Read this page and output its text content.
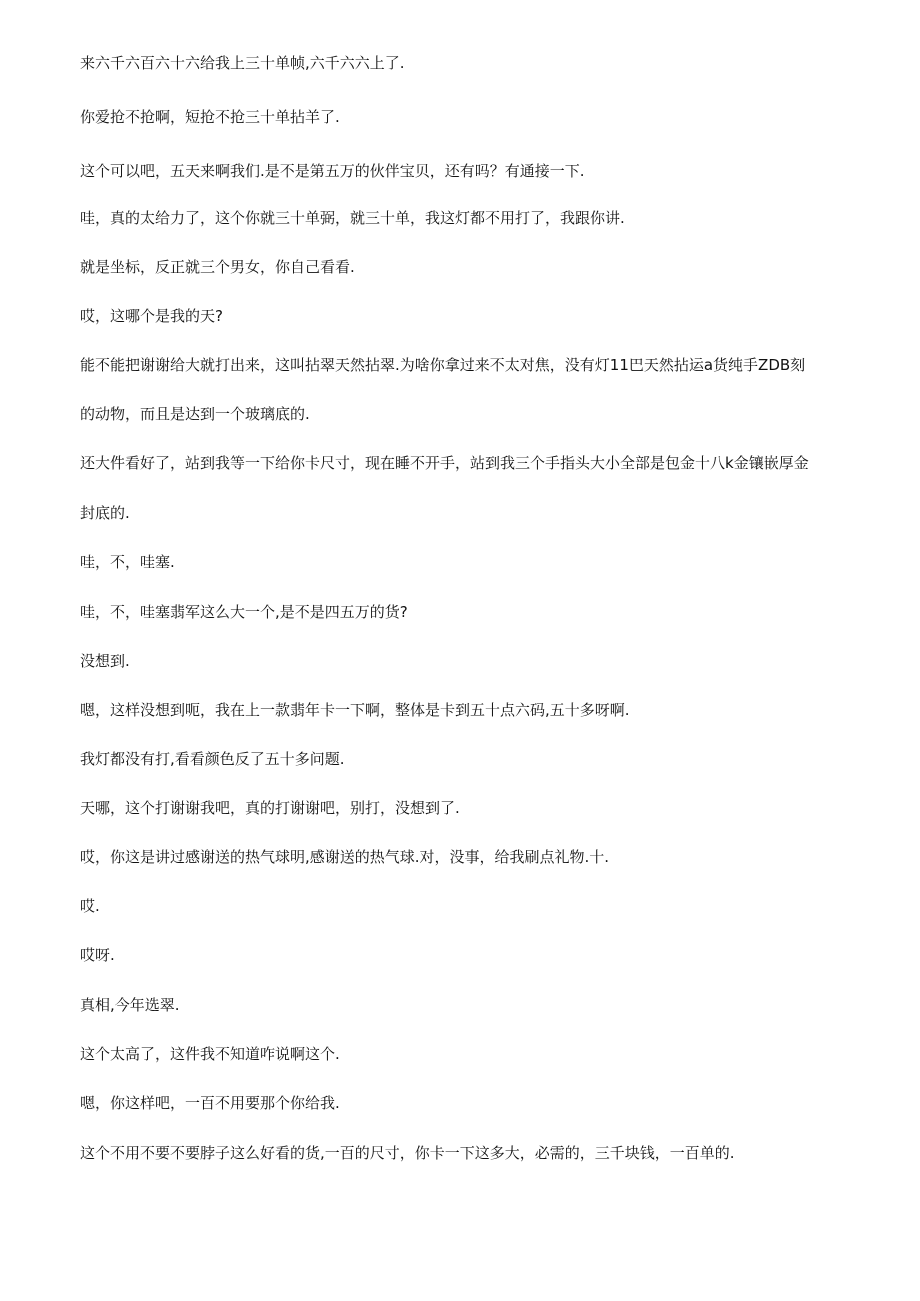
来六千六百六十六给我上三十单帧,六千六六上了.
你爱抢不抢啊，短抢不抢三十单拈羊了.
这个可以吧，五天来啊我们.是不是第五万的伙伴宝贝，还有吗？有通接一下.
哇，真的太给力了，这个你就三十单弼，就三十单，我这灯都不用打了，我跟你讲.
就是坐标，反正就三个男女，你自己看看.
哎，这哪个是我的天?
能不能把谢谢给大就打出来，这叫拈翠天然拈翠.为啥你拿过来不太对焦，没有灯11巴天然拈运a货纯手ZDB刻
的动物，而且是达到一个玻璃底的.
还大件看好了，站到我等一下给你卡尺寸，现在睡不开手，站到我三个手指头大小全部是包金十八k金镶嵌厚金
封底的.
哇，不，哇塞.
哇，不，哇塞翡军这么大一个,是不是四五万的货?
没想到.
嗯，这样没想到呃，我在上一款翡年卡一下啊，整体是卡到五十点六码,五十多呀啊.
我灯都没有打,看看颜色反了五十多问题.
天哪，这个打谢谢我吧，真的打谢谢吧，别打，没想到了.
哎，你这是讲过感谢送的热气球明,感谢送的热气球.对，没事，给我刷点礼物.十.
哎.
哎呀.
真相,今年选翠.
这个太高了，这件我不知道咋说啊这个.
嗯，你这样吧，一百不用要那个你给我.
这个不用不要不要脖子这么好看的货,一百的尺寸，你卡一下这多大，必需的，三千块钱，一百单的.
